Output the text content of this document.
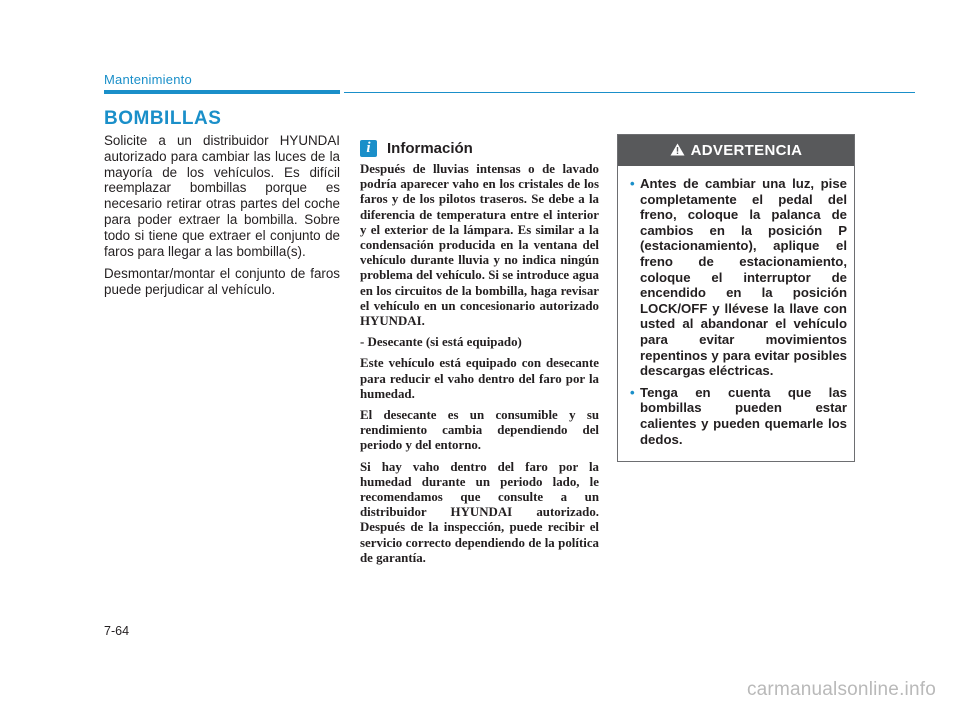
Mantenimiento
BOMBILLAS

Solicite a un distribuidor HYUNDAI autorizado para cambiar las luces de la mayoría de los vehículos. Es difícil reemplazar bombillas porque es necesario retirar otras partes del coche para poder extraer la bombilla. Sobre todo si tiene que extraer el conjunto de faros para llegar a las bombilla(s).

Desmontar/montar el conjunto de faros puede perjudicar al vehículo.

i	Información

Después de lluvias intensas o de lavado podría aparecer vaho en los cristales de los faros y de los pilotos traseros. Se debe a la diferencia de temperatura entre el interior y el exterior de la lámpara. Es similar a la condensación producida en la ventana del vehículo durante lluvia y no indica ningún problema del vehículo. Si se introduce agua en los circuitos de la bombilla, haga revisar el vehículo en un concesionario autorizado HYUNDAI.

- Desecante (si está equipado)

Este vehículo está equipado con desecante para reducir el vaho dentro del faro por la humedad.

El desecante es un consumible y su rendimiento cambia dependiendo del periodo y del entorno.

Si hay vaho dentro del faro por la humedad durante un periodo lado, le recomendamos que consulte a un distribuidor HYUNDAI autorizado. Después de la inspección, puede recibir el servicio correcto dependiendo de la política de garantía.

ADVERTENCIA
• Antes de cambiar una luz, pise completamente el pedal del freno, coloque la palanca de cambios en la posición P (estacionamiento), aplique el freno de estacionamiento, coloque el interruptor de encendido en la posición LOCK/OFF y llévese la llave con usted al abandonar el vehículo para evitar movimientos repentinos y para evitar posibles descargas eléctricas.
• Tenga en cuenta que las bombillas pueden estar calientes y pueden quemarle los dedos.
7-64
carmanualsonline.info
